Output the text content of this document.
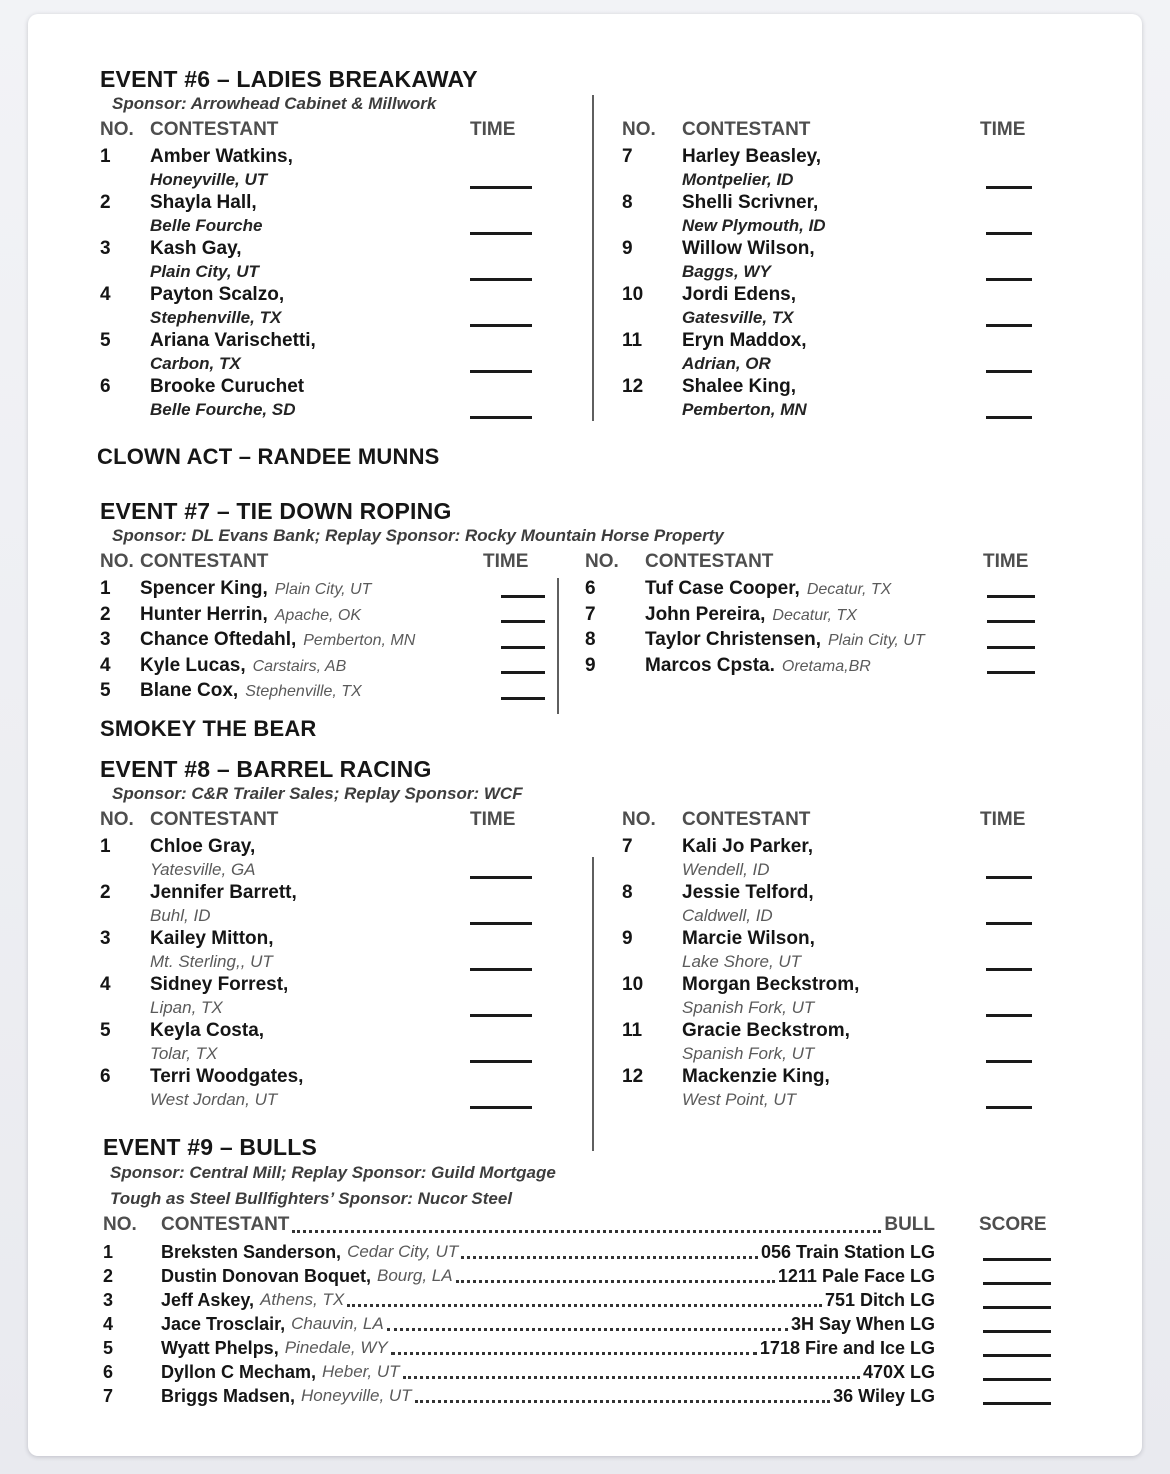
EVENT #6 – LADIES BREAKAWAY

Sponsor: Arrowhead Cabinet & Millwork

NO. CONTESTANT	TIME
1	Amber Watkins,
Honeyville, UT
2	Shayla Hall,
Belle Fourche
3	Kash Gay,
Plain City, UT
4	Payton Scalzo,
Stephenville, TX
5	Ariana Varischetti,
Carbon, TX
6	Brooke Curuchet
Belle Fourche, SD
NO.	CONTESTANT	TIME
7	Harley Beasley,
Montpelier, ID
8	Shelli Scrivner,
New Plymouth, ID
9	Willow Wilson,
Baggs, WY
10	Jordi Edens,
Gatesville, TX
11	Eryn Maddox,
Adrian, OR
12	Shalee King,
Pemberton, MN

CLOWN ACT – RANDEE MUNNS

EVENT #7 – TIE DOWN ROPING

Sponsor: DL Evans Bank; Replay Sponsor: Rocky Mountain Horse Property

NO. CONTESTANT	TIME
1	Spencer King, Plain City, UT
2	Hunter Herrin, Apache, OK
3	Chance Oftedahl, Pemberton, MN
4	Kyle Lucas, Carstairs, AB
5	Blane Cox, Stephenville, TX
NO.	CONTESTANT	TIME
6	Tuf Case Cooper, Decatur, TX
7	John Pereira, Decatur, TX
8	Taylor Christensen, Plain City, UT
9	Marcos Cpsta. Oretama,BR

SMOKEY THE BEAR

EVENT #8 – BARREL RACING

Sponsor: C&R Trailer Sales; Replay Sponsor: WCF

NO. CONTESTANT	TIME
1	Chloe Gray,
Yatesville, GA
2	Jennifer Barrett,
Buhl, ID
3	Kailey Mitton,
Mt. Sterling,, UT
4	Sidney Forrest,
Lipan, TX
5	Keyla Costa,
Tolar, TX
6	Terri Woodgates,
West Jordan, UT
NO.	CONTESTANT	TIME
7	Kali Jo Parker,
Wendell, ID
8	Jessie Telford,
Caldwell, ID
9	Marcie Wilson,
Lake Shore, UT
10	Morgan Beckstrom,
Spanish Fork, UT
11	Gracie Beckstrom,
Spanish Fork, UT
12	Mackenzie King,
West Point, UT
EVENT #9 – BULLS

Sponsor: Central Mill; Replay Sponsor: Guild Mortgage

Tough as Steel Bullfighters’ Sponsor: Nucor Steel

NO.	CONTESTANT	BULL SCORE
1	Breksten Sanderson, Cedar City, UT	056 Train Station LG
2	Dustin Donovan Boquet, Bourg, LA	1211 Pale Face LG
3	Jeff Askey, Athens, TX	751 Ditch LG
4	Jace Trosclair, Chauvin, LA	3H Say When LG
5	Wyatt Phelps, Pinedale, WY	1718 Fire and Ice LG
6	Dyllon C Mecham, Heber, UT	470X LG
7	Briggs Madsen, Honeyville, UT	36 Wiley LG
